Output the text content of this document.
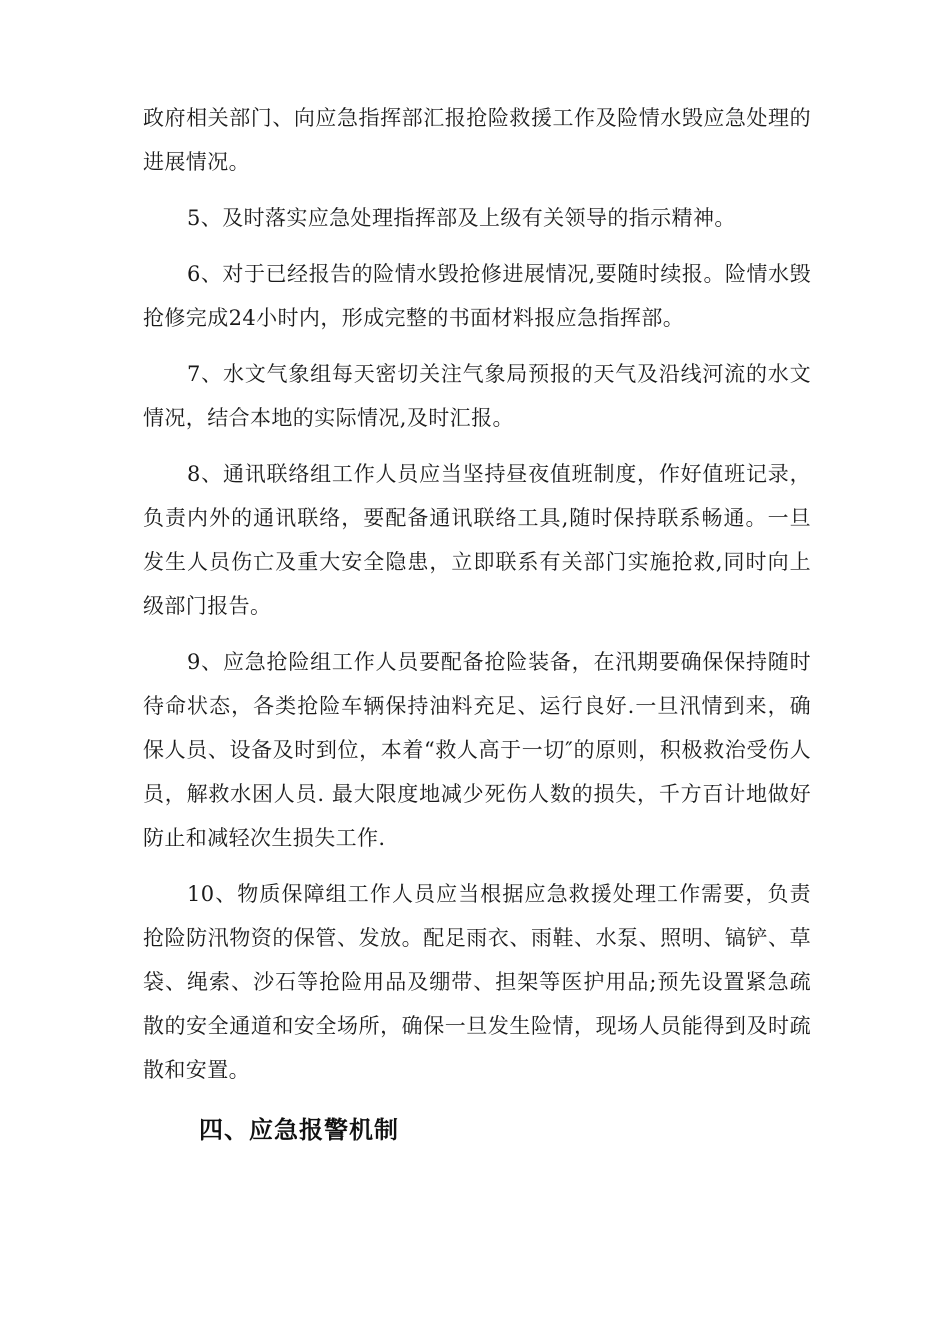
政府相关部门、向应急指挥部汇报抢险救援工作及险情水毁应急处理的进展情况。

5、及时落实应急处理指挥部及上级有关领导的指示精神。

6、对于已经报告的险情水毁抢修进展情况,要随时续报。险情水毁抢修完成24小时内，形成完整的书面材料报应急指挥部。

7、水文气象组每天密切关注气象局预报的天气及沿线河流的水文情况，结合本地的实际情况,及时汇报。

8、通讯联络组工作人员应当坚持昼夜值班制度，作好值班记录，负责内外的通讯联络，要配备通讯联络工具,随时保持联系畅通。一旦发生人员伤亡及重大安全隐患，立即联系有关部门实施抢救,同时向上级部门报告。

9、应急抢险组工作人员要配备抢险装备，在汛期要确保保持随时待命状态，各类抢险车辆保持油料充足、运行良好.一旦汛情到来，确保人员、设备及时到位，本着“救人高于一切″的原则，积极救治受伤人员，解救水困人员. 最大限度地减少死伤人数的损失，千方百计地做好防止和减轻次生损失工作.

10、物质保障组工作人员应当根据应急救援处理工作需要，负责抢险防汛物资的保管、发放。配足雨衣、雨鞋、水泵、照明、镐铲、草袋、绳索、沙石等抢险用品及绷带、担架等医护用品;预先设置紧急疏散的安全通道和安全场所，确保一旦发生险情，现场人员能得到及时疏散和安置。

四、应急报警机制
